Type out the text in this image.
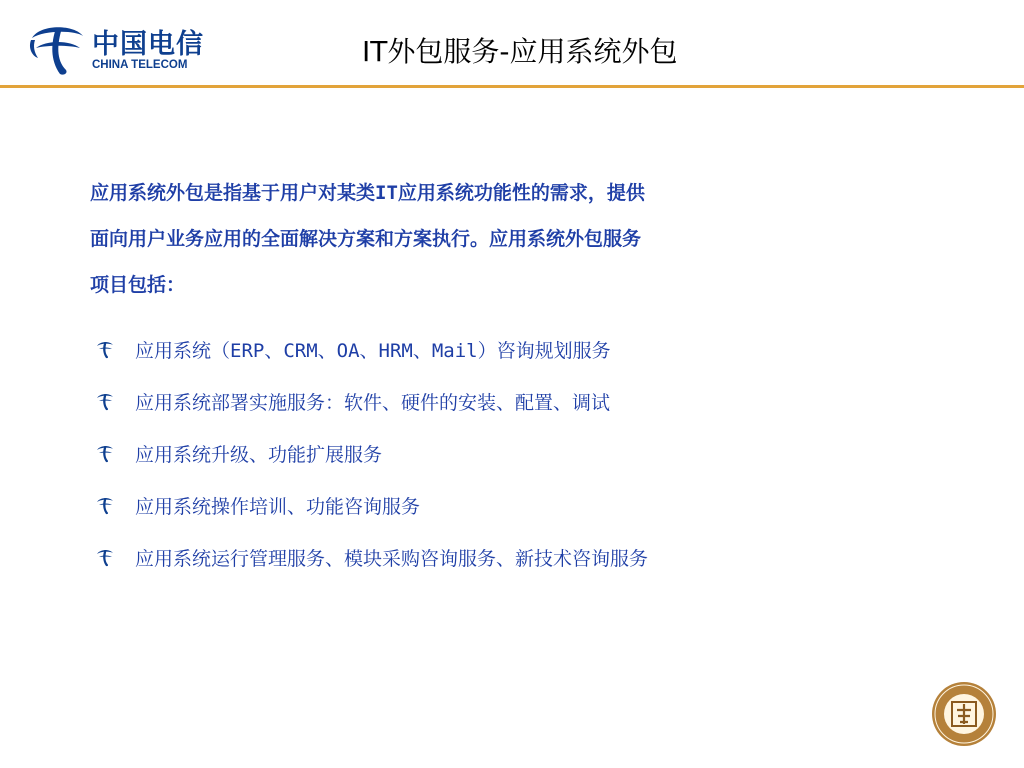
中国电信
CHINA TELECOM	IT外包服务-应用系统外包

应用系统外包是指基于用户对某类IT应用系统功能性的需求，提供

面向用户业务应用的全面解决方案和方案执行。应用系统外包服务

项目包括：

应用系统（ERP、CRM、OA、HRM、Mail）咨询规划服务
应用系统部署实施服务：软件、硬件的安装、配置、调试
应用系统升级、功能扩展服务
应用系统操作培训、功能咨询服务
应用系统运行管理服务、模块采购咨询服务、新技术咨询服务
